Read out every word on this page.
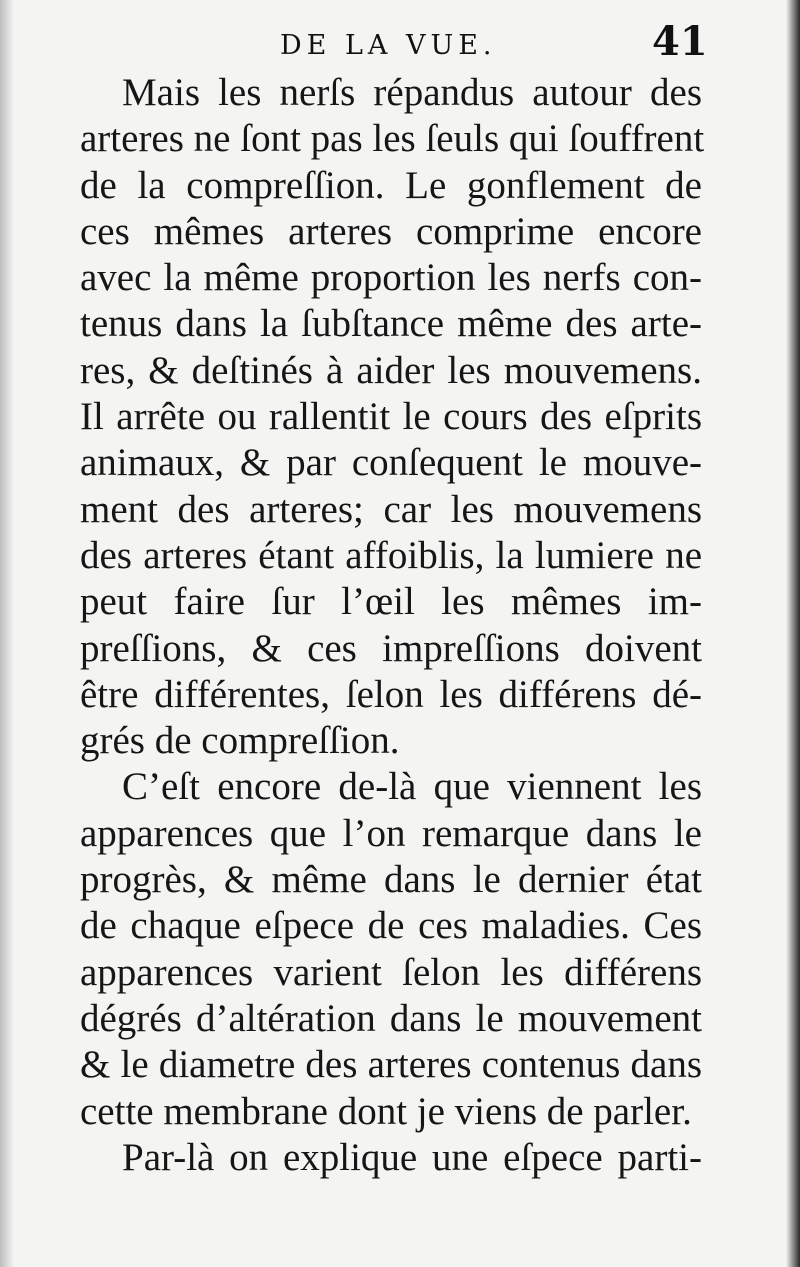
DE LA VUE.	41
Mais les nerſs répandus autour des
arteres ne ſont pas les ſeuls qui ſouffrent
de la compreſſion. Le gonflement de
ces mêmes arteres comprime encore
avec la même proportion les nerfs con-
tenus dans la ſubſtance même des arte-
res, & deſtinés à aider les mouvemens.
Il arrête ou rallentit le cours des eſprits
animaux, & par conſequent le mouve-
ment des arteres; car les mouvemens
des arteres étant affoiblis, la lumiere ne
peut faire ſur l’œil les mêmes im-
preſſions, & ces impreſſions doivent
être différentes, ſelon les différens dé-
grés de compreſſion.
C’eſt encore de-là que viennent les
apparences que l’on remarque dans le
progrès, & même dans le dernier état
de chaque eſpece de ces maladies. Ces
apparences varient ſelon les différens
dégrés d’altération dans le mouvement
& le diametre des arteres contenus dans
cette membrane dont je viens de parler.
Par-là on explique une eſpece parti-
